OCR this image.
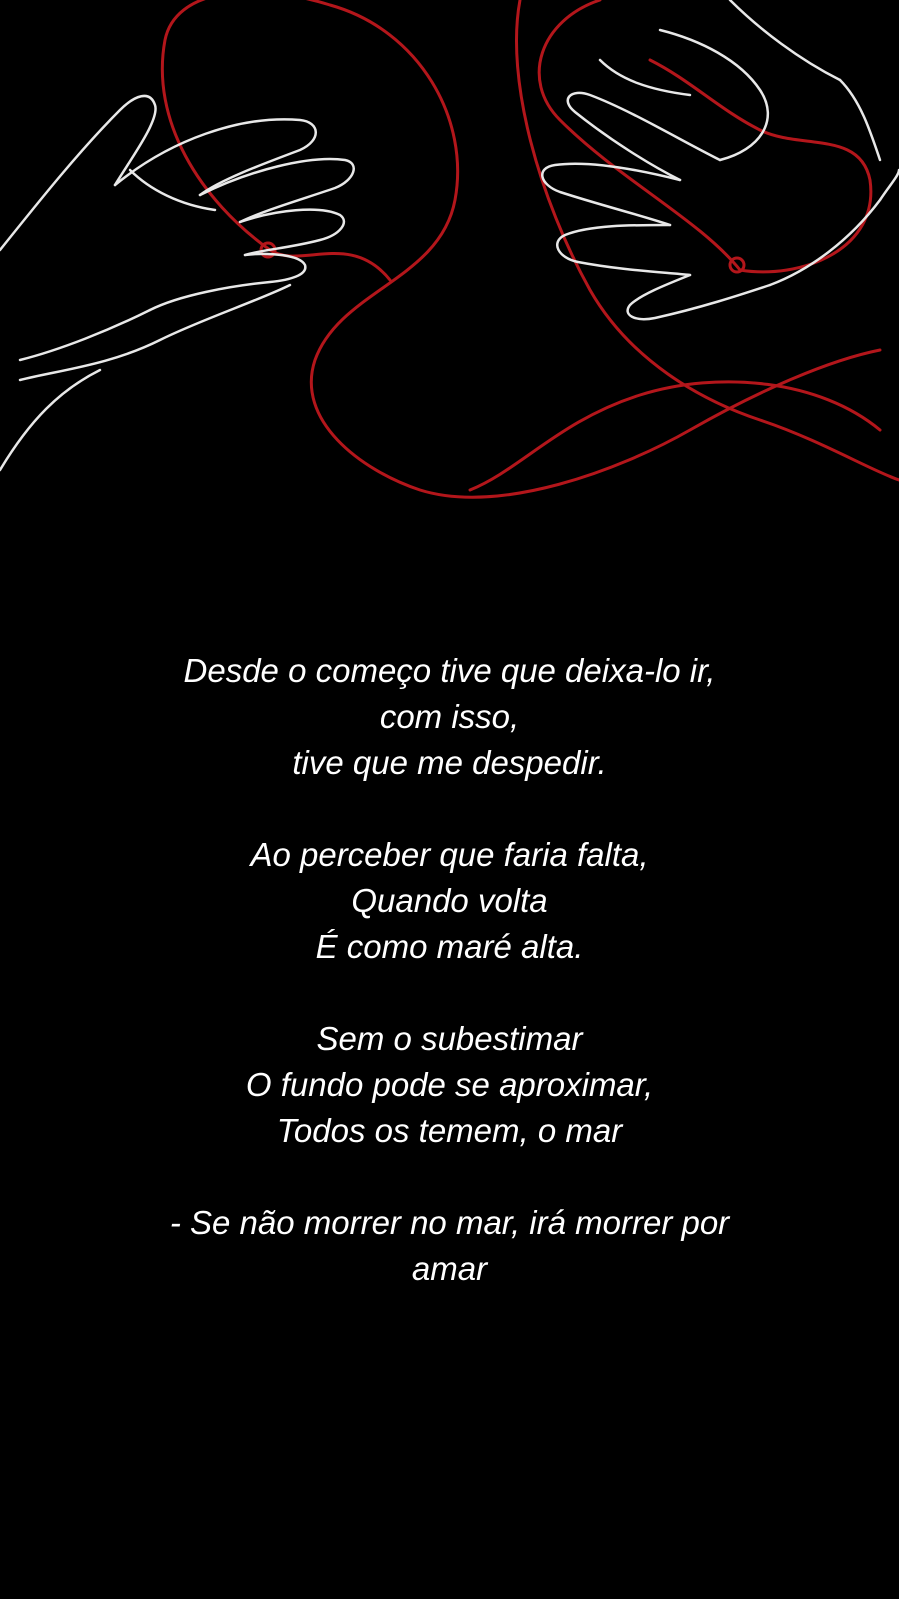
Desde o começo tive que deixa-lo ir,
com isso,
tive que me despedir.
Ao perceber que faria falta,
Quando volta
É como maré alta.
Sem o subestimar
O fundo pode se aproximar,
Todos os temem, o mar
- Se não morrer no mar, irá morrer por amar
